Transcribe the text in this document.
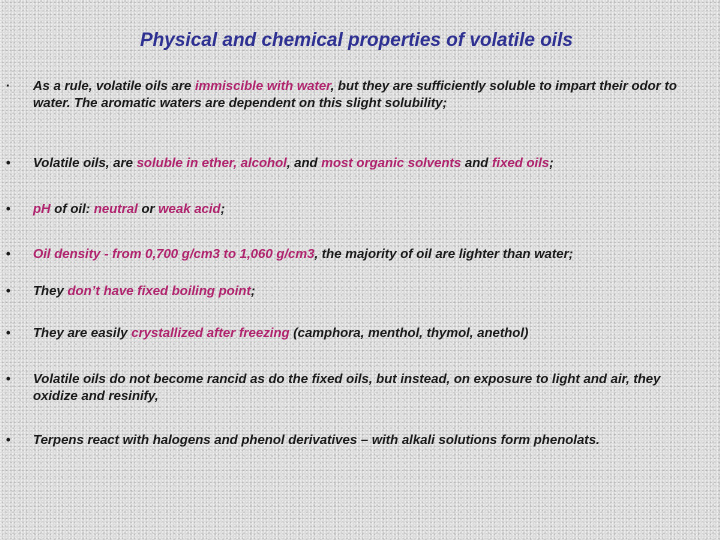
Physical and chemical properties of volatile oils
· As a rule, volatile oils are immiscible with water, but they are sufficiently soluble to impart their odor to water. The aromatic waters are dependent on this slight solubility;
• Volatile oils, are soluble in ether, alcohol, and most organic solvents and fixed oils;
• pH of oil: neutral or weak acid;
• Oil density - from 0,700 g/cm3 to 1,060 g/cm3, the majority of oil are lighter than water;
• They don’t have fixed boiling point;
• They are easily crystallized after freezing (camphora, menthol, thymol, anethol)
• Volatile oils do not become rancid as do the fixed oils, but instead, on exposure to light and air, they oxidize and resinify,
• Terpens react with halogens and phenol derivatives – with alkali solutions form phenolats.
